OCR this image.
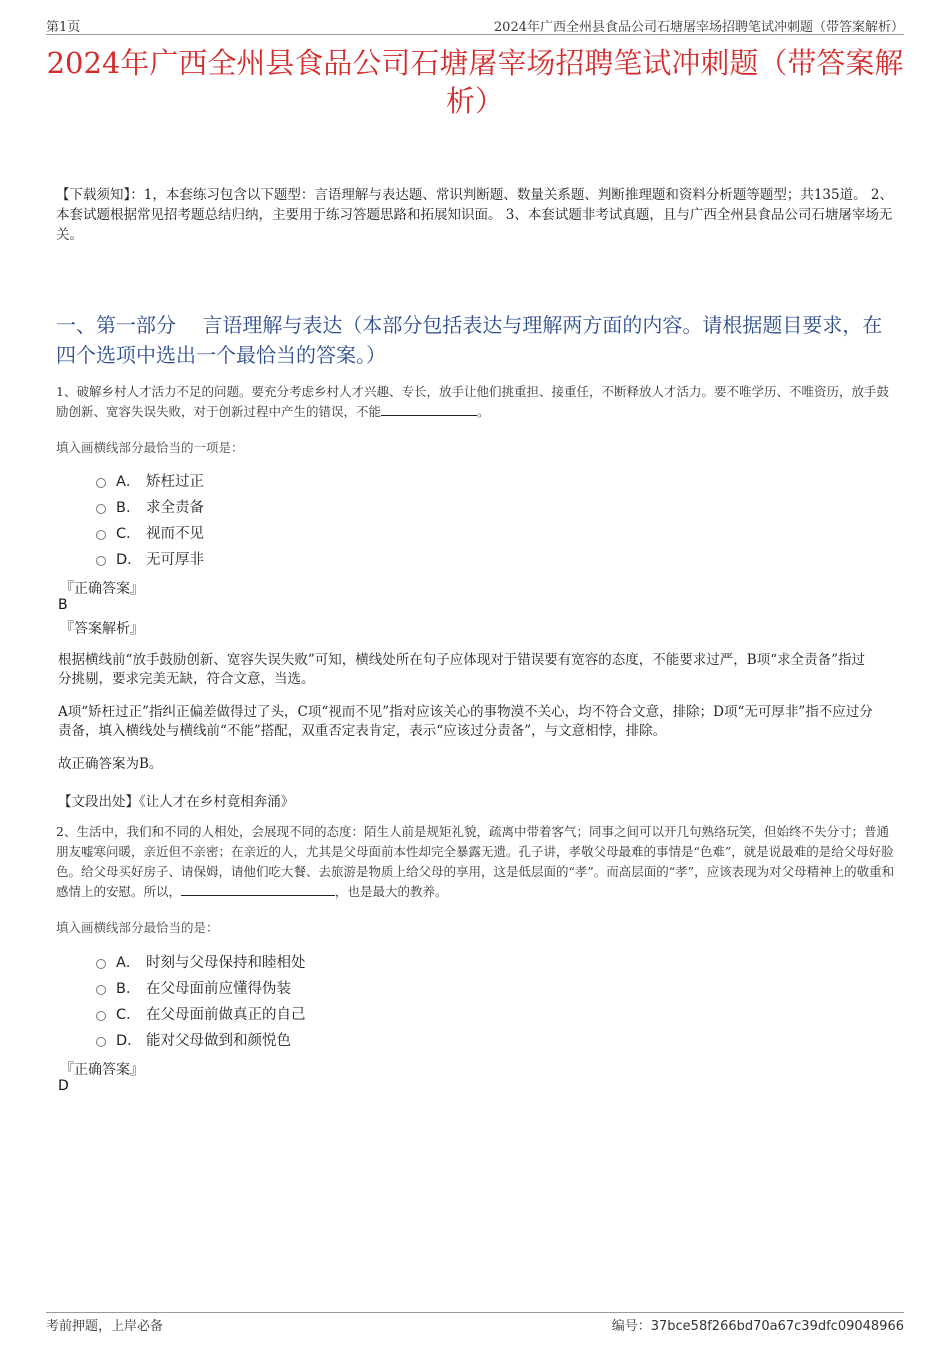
第1页	2024年广西全州县食品公司石塘屠宰场招聘笔试冲刺题（带答案解析）
2024年广西全州县食品公司石塘屠宰场招聘笔试冲刺题（带答案解析）
【下载须知】：1，本套练习包含以下题型：言语理解与表达题、常识判断题、数量关系题、判断推理题和资料分析题等题型；共135道。 2、本套试题根据常见招考题总结归纳，主要用于练习答题思路和拓展知识面。 3、本套试题非考试真题，且与广西全州县食品公司石塘屠宰场无关。
一、第一部分　 言语理解与表达（本部分包括表达与理解两方面的内容。请根据题目要求，在四个选项中选出一个最恰当的答案。）
1、破解乡村人才活力不足的问题。要充分考虑乡村人才兴趣、专长，放手让他们挑重担、接重任，不断释放人才活力。要不唯学历、不唯资历，放手鼓励创新、宽容失误失败，对于创新过程中产生的错误，不能	。
填入画横线部分最恰当的一项是：
A． 矫枉过正
B． 求全责备
C． 视而不见
D． 无可厚非
『正确答案』
B
『答案解析』
根据横线前“放手鼓励创新、宽容失误失败”可知，横线处所在句子应体现对于错误要有宽容的态度，不能要求过严，B项“求全责备”指过分挑剔，要求完美无缺，符合文意，当选。
A项“矫枉过正”指纠正偏差做得过了头，C项“视而不见”指对应该关心的事物漠不关心，均不符合文意，排除；D项“无可厚非”指不应过分责备，填入横线处与横线前“不能”搭配，双重否定表肯定，表示“应该过分责备”，与文意相悖，排除。
故正确答案为B。
【文段出处】《让人才在乡村竟相奔涌》
2、生活中，我们和不同的人相处，会展现不同的态度：陌生人前是规矩礼貌，疏离中带着客气；同事之间可以开几句熟络玩笑，但始终不失分寸；普通朋友嘘寒问暖，亲近但不亲密；在亲近的人，尤其是父母面前本性却完全暴露无遗。孔子讲，孝敬父母最难的事情是“色难”，就是说最难的是给父母好脸色。给父母买好房子、请保姆，请他们吃大餐、去旅游是物质上给父母的享用，这是低层面的“孝”。而高层面的“孝”，应该表现为对父母精神上的敬重和感情上的安慰。所以，	，也是最大的教养。
填入画横线部分最恰当的是：
A． 时刻与父母保持和睦相处
B． 在父母面前应懂得伪装
C． 在父母面前做真正的自己
D． 能对父母做到和颜悦色
『正确答案』
D
考前押题，上岸必备	编号：37bce58f266bd70a67c39dfc09048966
